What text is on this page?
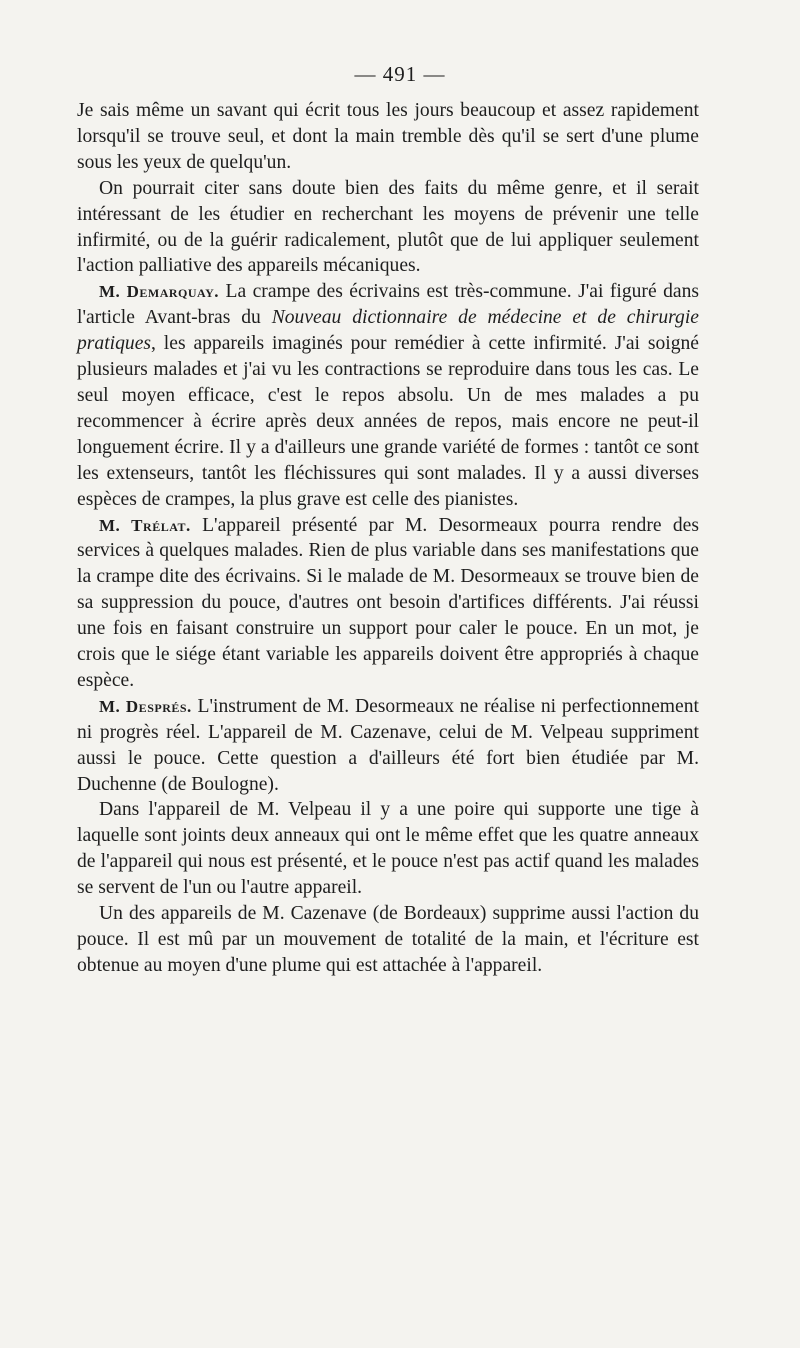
— 491 —

Je sais même un savant qui écrit tous les jours beaucoup et assez rapidement lorsqu'il se trouve seul, et dont la main tremble dès qu'il se sert d'une plume sous les yeux de quelqu'un.

On pourrait citer sans doute bien des faits du même genre, et il serait intéressant de les étudier en recherchant les moyens de prévenir une telle infirmité, ou de la guérir radicalement, plutôt que de lui appliquer seulement l'action palliative des appareils mécaniques.

M. Demarquay. La crampe des écrivains est très-commune. J'ai figuré dans l'article Avant-bras du Nouveau dictionnaire de médecine et de chirurgie pratiques, les appareils imaginés pour remédier à cette infirmité. J'ai soigné plusieurs malades et j'ai vu les contractions se reproduire dans tous les cas. Le seul moyen efficace, c'est le repos absolu. Un de mes malades a pu recommencer à écrire après deux années de repos, mais encore ne peut-il longuement écrire. Il y a d'ailleurs une grande variété de formes : tantôt ce sont les extenseurs, tantôt les fléchissures qui sont malades. Il y a aussi diverses espèces de crampes, la plus grave est celle des pianistes.

M. Trélat. L'appareil présenté par M. Desormeaux pourra rendre des services à quelques malades. Rien de plus variable dans ses manifestations que la crampe dite des écrivains. Si le malade de M. Desormeaux se trouve bien de sa suppression du pouce, d'autres ont besoin d'artifices différents. J'ai réussi une fois en faisant construire un support pour caler le pouce. En un mot, je crois que le siége étant variable les appareils doivent être appropriés à chaque espèce.

M. Després. L'instrument de M. Desormeaux ne réalise ni perfectionnement ni progrès réel. L'appareil de M. Cazenave, celui de M. Velpeau suppriment aussi le pouce. Cette question a d'ailleurs été fort bien étudiée par M. Duchenne (de Boulogne).

Dans l'appareil de M. Velpeau il y a une poire qui supporte une tige à laquelle sont joints deux anneaux qui ont le même effet que les quatre anneaux de l'appareil qui nous est présenté, et le pouce n'est pas actif quand les malades se servent de l'un ou l'autre appareil.

Un des appareils de M. Cazenave (de Bordeaux) supprime aussi l'action du pouce. Il est mû par un mouvement de totalité de la main, et l'écriture est obtenue au moyen d'une plume qui est attachée à l'appareil.
